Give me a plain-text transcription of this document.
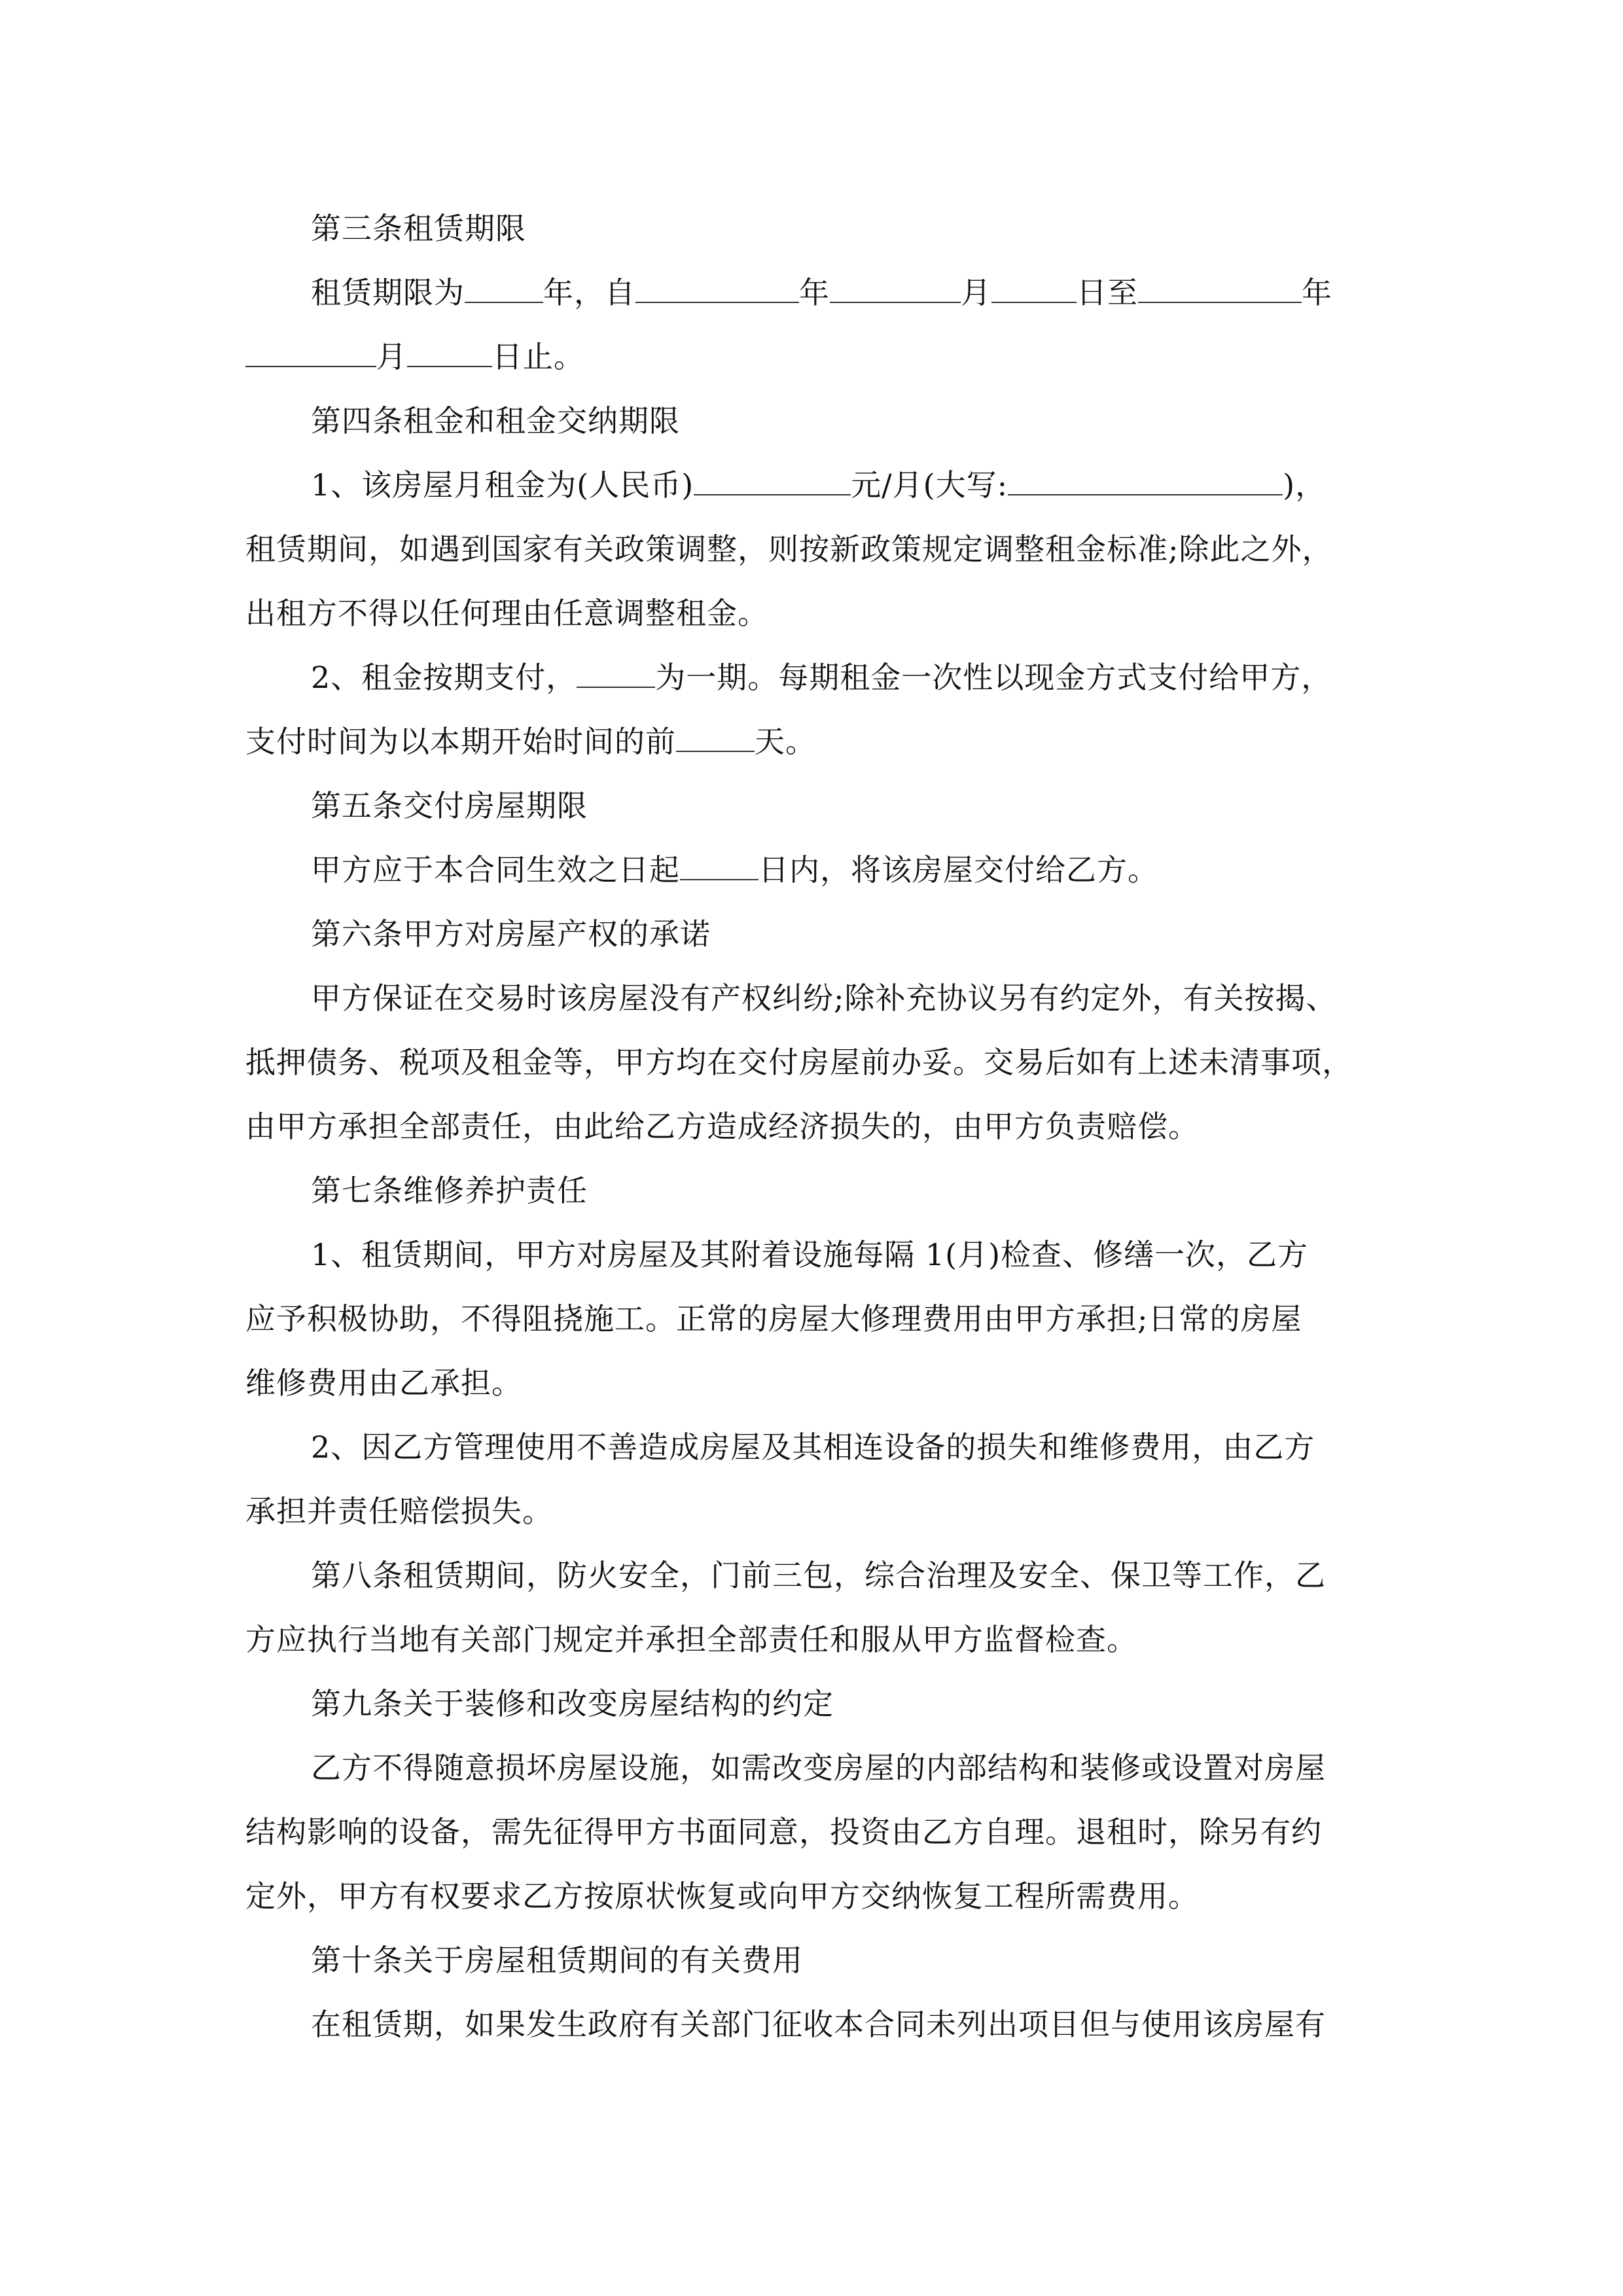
第三条租赁期限
租赁期限为	年，自	年	月	日至	年
月	日止。
第四条租金和租金交纳期限
1、该房屋月租金为(人民币)	元/月(大写:	)，
租赁期间，如遇到国家有关政策调整，则按新政策规定调整租金标准;除此之外，
出租方不得以任何理由任意调整租金。
2、租金按期支付，	为一期。每期租金一次性以现金方式支付给甲方，
支付时间为以本期开始时间的前	天。
第五条交付房屋期限
甲方应于本合同生效之日起	日内，将该房屋交付给乙方。
第六条甲方对房屋产权的承诺
甲方保证在交易时该房屋没有产权纠纷;除补充协议另有约定外，有关按揭、
抵押债务、税项及租金等，甲方均在交付房屋前办妥。交易后如有上述未清事项，
由甲方承担全部责任，由此给乙方造成经济损失的，由甲方负责赔偿。
第七条维修养护责任
1、租赁期间，甲方对房屋及其附着设施每隔 1(月)检查、修缮一次，乙方
应予积极协助，不得阻挠施工。正常的房屋大修理费用由甲方承担;日常的房屋
维修费用由乙承担。
2、因乙方管理使用不善造成房屋及其相连设备的损失和维修费用，由乙方
承担并责任赔偿损失。
第八条租赁期间，防火安全，门前三包，综合治理及安全、保卫等工作，乙
方应执行当地有关部门规定并承担全部责任和服从甲方监督检查。
第九条关于装修和改变房屋结构的约定
乙方不得随意损坏房屋设施，如需改变房屋的内部结构和装修或设置对房屋
结构影响的设备，需先征得甲方书面同意，投资由乙方自理。退租时，除另有约
定外，甲方有权要求乙方按原状恢复或向甲方交纳恢复工程所需费用。
第十条关于房屋租赁期间的有关费用
在租赁期，如果发生政府有关部门征收本合同未列出项目但与使用该房屋有
